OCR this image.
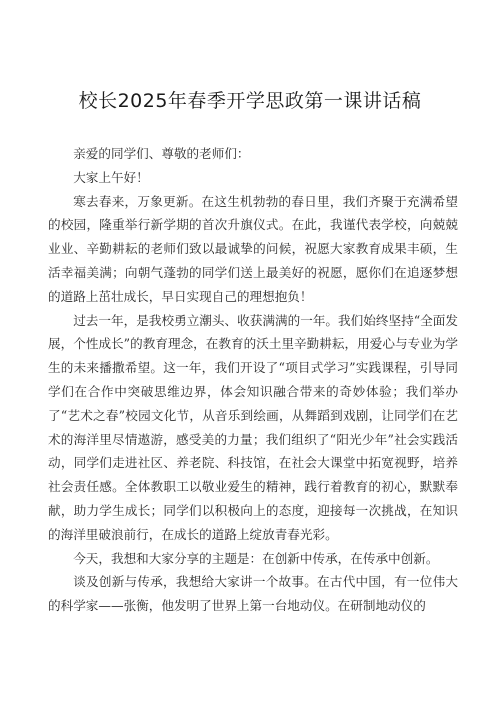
校长2025年春季开学思政第一课讲话稿

亲爱的同学们、尊敬的老师们：

大家上午好！

寒去春来，万象更新。在这生机勃勃的春日里，我们齐聚于充满希望的校园，隆重举行新学期的首次升旗仪式。在此，我谨代表学校，向兢兢业业、辛勤耕耘的老师们致以最诚挚的问候，祝愿大家教育成果丰硕，生活幸福美满；向朝气蓬勃的同学们送上最美好的祝愿，愿你们在追逐梦想的道路上茁壮成长，早日实现自己的理想抱负！

过去一年，是我校勇立潮头、收获满满的一年。我们始终坚持“全面发展，个性成长”的教育理念，在教育的沃土里辛勤耕耘，用爱心与专业为学生的未来播撒希望。这一年，我们开设了“项目式学习”实践课程，引导同学们在合作中突破思维边界，体会知识融合带来的奇妙体验；我们举办了“艺术之春”校园文化节，从音乐到绘画，从舞蹈到戏剧，让同学们在艺术的海洋里尽情遨游，感受美的力量；我们组织了“阳光少年”社会实践活动，同学们走进社区、养老院、科技馆，在社会大课堂中拓宽视野，培养社会责任感。全体教职工以敬业爱生的精神，践行着教育的初心，默默奉献，助力学生成长；同学们以积极向上的态度，迎接每一次挑战，在知识的海洋里破浪前行，在成长的道路上绽放青春光彩。

今天，我想和大家分享的主题是：在创新中传承，在传承中创新。

谈及创新与传承，我想给大家讲一个故事。在古代中国，有一位伟大的科学家——张衡，他发明了世界上第一台地动仪。在研制地动仪的
